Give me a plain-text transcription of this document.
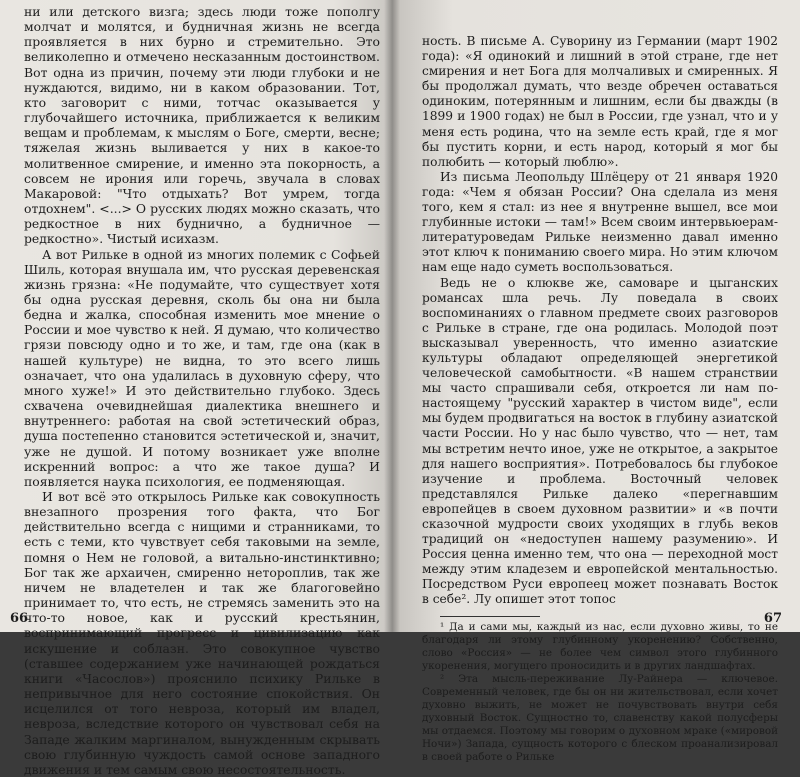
ни или детского визга; здесь люди тоже пополгу молчат и молятся, и будничная жизнь не всегда проявляется в них бурно и стремительно. Это великолепно и отмечено несказанным достоинством. Вот одна из причин, почему эти люди глубоки и не нуждаются, видимо, ни в каком образовании. Тот, кто заговорит с ними, тотчас оказывается у глубочайшего источника, приближается к великим вещам и проблемам, к мыслям о Боге, смерти, весне; тяжелая жизнь выливается у них в какое-то молитвенное смирение, и именно эта покорность, а совсем не ирония или горечь, звучала в словах Макаровой: "Что отдыхать? Вот умрем, тогда отдохнем". <...> О русских людях можно сказать, что редкостное в них буднично, а будничное — редкостно». Чистый исихазм.

А вот Рильке в одной из многих полемик с Софьей Шиль, которая внушала им, что русская деревенская жизнь грязна: «Не подумайте, что существует хотя бы одна русская деревня, сколь бы она ни была бедна и жалка, способная изменить мое мнение о России и мое чувство к ней. Я думаю, что количество грязи повсюду одно и то же, и там, где она (как в нашей культуре) не видна, то это всего лишь означает, что она удалилась в духовную сферу, что много хуже!» И это действительно глубоко. Здесь схвачена очевиднейшая диалектика внешнего и внутреннего: работая на свой эстетический образ, душа постепенно становится эстетической и, значит, уже не душой. И потому возникает уже вполне искренний вопрос: а что же такое душа? И появляется наука психология, ее подменяющая.

И вот всё это открылось Рильке как совокупность внезапного прозрения того факта, что Бог действительно всегда с нищими и странниками, то есть с теми, кто чувствует себя таковыми на земле, помня о Нем не головой, а витально-инстинктивно; Бог так же архаичен, смиренно нетороплив, так же ничем не владетелен и так же благоговейно принимает то, что есть, не стремясь заменить это на что-то новое, как и русский крестьянин, воспринимающий прогресс и цивилизацию как искушение и соблазн. Это совокупное чувство (ставшее содержанием уже начинающей рождаться книги «Часослов») прояснило психику Рильке в непривычное для него состояние спокойствия. Он исцелился от того невроза, который им владел, невроза, вследствие которого он чувствовал себя на Западе жалким маргиналом, вынужденным скрывать свою глубинную чуждость самой основе западного движения и тем самым свою несостоятельность.

66

ность. В письме А. Суворину из Германии (март 1902 года): «Я одинокий и лишний в этой стране, где нет смирения и нет Бога для молчаливых и смиренных. Я бы продолжал думать, что везде обречен оставаться одиноким, потерянным и лишним, если бы дважды (в 1899 и 1900 годах) не был в России, где узнал, что и у меня есть родина, что на земле есть край, где я мог бы пустить корни, и есть народ, который я мог бы полюбить — который люблю».

Из письма Леопольду Шлёцеру от 21 января 1920 года: «Чем я обязан России? Она сделала из меня того, кем я стал: из нее я внутренне вышел, все мои глубинные истоки — там!» Всем своим интервьюерам-литературоведам Рильке неизменно давал именно этот ключ к пониманию своего мира. Но этим ключом нам еще надо суметь воспользоваться.

Ведь не о клюкве же, самоваре и цыганских романсах шла речь. Лу поведала в своих воспоминаниях о главном предмете своих разговоров с Рильке в стране, где она родилась. Молодой поэт высказывал уверенность, что именно азиатские культуры обладают определяющей энергетикой человеческой самобытности. «В нашем странствии мы часто спрашивали себя, откроется ли нам по-настоящему "русский характер в чистом виде", если мы будем продвигаться на восток в глубину азиатской части России. Но у нас было чувство, что — нет, там мы встретим нечто иное, уже не открытое, а закрытое для нашего восприятия». Потребовалось бы глубокое изучение и проблема. Восточный человек представлялся Рильке далеко «перегнавшим европейцев в своем духовном развитии» и «в почти сказочной мудрости своих уходящих в глубь веков традиций он «недоступен нашему разумению». И Россия ценна именно тем, что она — переходной мост между этим кладезем и европейской ментальностью. Посредством Руси европеец может познавать Восток в себе². Лу опишет этот топос

¹ Да и сами мы, каждый из нас, если духовно живы, то не благодаря ли этому глубинному укоренению? Собственно, слово «Россия» — не более чем символ этого глубинного укоренения, могущего проносидить и в других ландшафтах.

² Эта мысль-переживание Лу-Райнера — ключевое. Современный человек, где бы он ни жительствовал, если хочет духовно выжить, не может не почувствовать внутри себя духовный Восток. Сущностно то, славенству какой полусферы мы отдаемся. Поэтому мы говорим о духовном мраке («мировой Ночи») Запада, сущность которого с блеском проанализировал в своей работе о Рильке

67
